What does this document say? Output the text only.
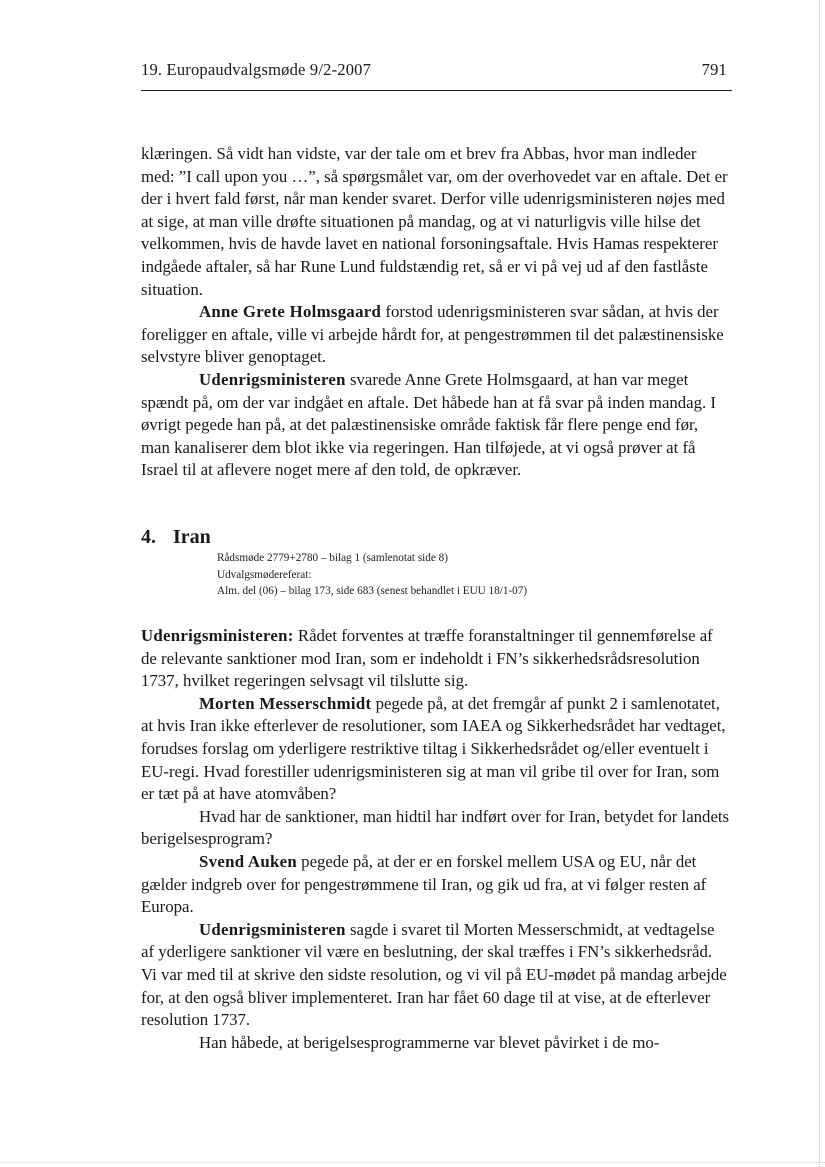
19. Europaudvalgsmøde 9/2-2007	791

klæringen. Så vidt han vidste, var der tale om et brev fra Abbas, hvor man indleder med: ”I call upon you …”, så spørgsmålet var, om der overhovedet var en aftale. Det er der i hvert fald først, når man kender svaret. Derfor ville udenrigsministeren nøjes med at sige, at man ville drøfte situationen på mandag, og at vi naturligvis ville hilse det velkommen, hvis de havde lavet en national forsoningsaftale. Hvis Hamas respekterer indgåede aftaler, så har Rune Lund fuldstændig ret, så er vi på vej ud af den fastlåste situation.

Anne Grete Holmsgaard forstod udenrigsministeren svar sådan, at hvis der foreligger en aftale, ville vi arbejde hårdt for, at pengestrømmen til det palæstinensiske selvstyre bliver genoptaget.

Udenrigsministeren svarede Anne Grete Holmsgaard, at han var meget spændt på, om der var indgået en aftale. Det håbede han at få svar på inden mandag. I øvrigt pegede han på, at det palæstinensiske område faktisk får flere penge end før, man kanaliserer dem blot ikke via regeringen. Han tilføjede, at vi også prøver at få Israel til at aflevere noget mere af den told, de opkræver.

4. Iran
Rådsmøde 2779+2780 – bilag 1 (samlenotat side 8)
Udvalgsmødereferat:
Alm. del (06) – bilag 173, side 683 (senest behandlet i EUU 18/1-07)

Udenrigsministeren: Rådet forventes at træffe foranstaltninger til gennemførelse af de relevante sanktioner mod Iran, som er indeholdt i FN’s sikkerhedsrådsresolution 1737, hvilket regeringen selvsagt vil tilslutte sig.

Morten Messerschmidt pegede på, at det fremgår af punkt 2 i samlenotatet, at hvis Iran ikke efterlever de resolutioner, som IAEA og Sikkerhedsrådet har vedtaget, forudses forslag om yderligere restriktive tiltag i Sikkerhedsrådet og/eller eventuelt i EU-regi. Hvad forestiller udenrigsministeren sig at man vil gribe til over for Iran, som er tæt på at have atomvåben?

Hvad har de sanktioner, man hidtil har indført over for Iran, betydet for landets berigelsesprogram?

Svend Auken pegede på, at der er en forskel mellem USA og EU, når det gælder indgreb over for pengestrømmene til Iran, og gik ud fra, at vi følger resten af Europa.

Udenrigsministeren sagde i svaret til Morten Messerschmidt, at vedtagelse af yderligere sanktioner vil være en beslutning, der skal træffes i FN’s sikkerhedsråd. Vi var med til at skrive den sidste resolution, og vi vil på EU-mødet på mandag arbejde for, at den også bliver implementeret. Iran har fået 60 dage til at vise, at de efterlever resolution 1737.

Han håbede, at berigelsesprogrammerne var blevet påvirket i de mo-
